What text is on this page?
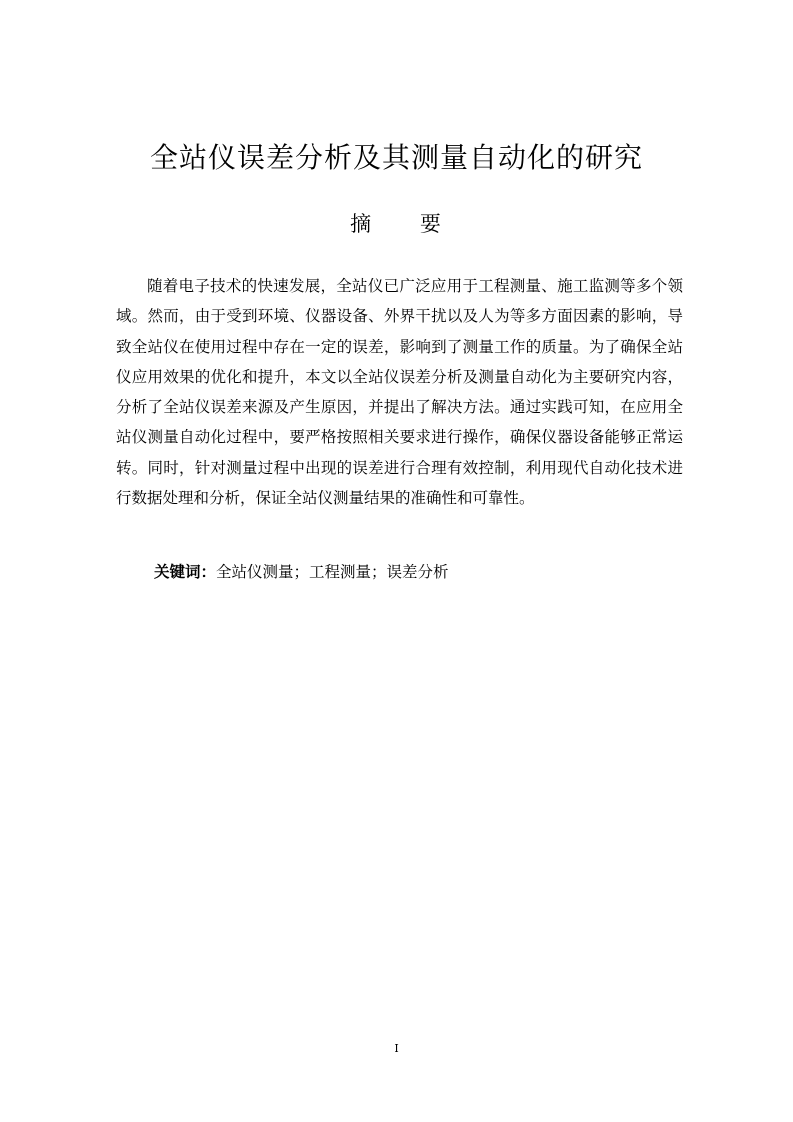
全站仪误差分析及其测量自动化的研究
摘 要

随着电子技术的快速发展，全站仪已广泛应用于工程测量、施工监测等多个领域。然而，由于受到环境、仪器设备、外界干扰以及人为等多方面因素的影响，导致全站仪在使用过程中存在一定的误差，影响到了测量工作的质量。为了确保全站仪应用效果的优化和提升，本文以全站仪误差分析及测量自动化为主要研究内容，分析了全站仪误差来源及产生原因，并提出了解决方法。通过实践可知，在应用全站仪测量自动化过程中，要严格按照相关要求进行操作，确保仪器设备能够正常运转。同时，针对测量过程中出现的误差进行合理有效控制，利用现代自动化技术进行数据处理和分析，保证全站仪测量结果的准确性和可靠性。

关键词：全站仪测量；工程测量；误差分析
I
